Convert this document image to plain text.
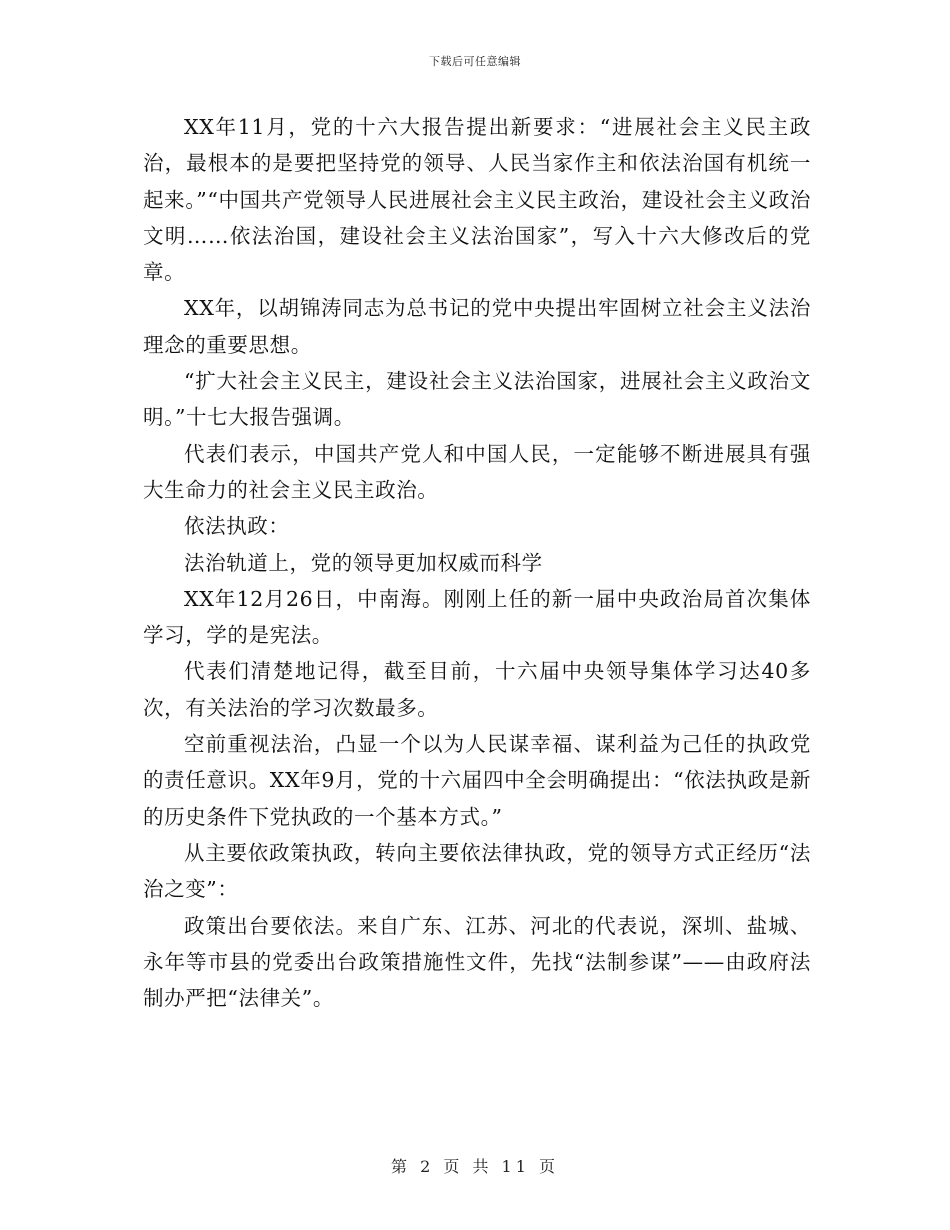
下载后可任意编辑

XX年11月，党的十六大报告提出新要求：“进展社会主义民主政治，最根本的是要把坚持党的领导、人民当家作主和依法治国有机统一起来。”“中国共产党领导人民进展社会主义民主政治，建设社会主义政治文明……依法治国，建设社会主义法治国家”，写入十六大修改后的党章。

XX年，以胡锦涛同志为总书记的党中央提出牢固树立社会主义法治理念的重要思想。

“扩大社会主义民主，建设社会主义法治国家，进展社会主义政治文明。”十七大报告强调。

代表们表示，中国共产党人和中国人民，一定能够不断进展具有强大生命力的社会主义民主政治。

依法执政：

法治轨道上，党的领导更加权威而科学

XX年12月26日，中南海。刚刚上任的新一届中央政治局首次集体学习，学的是宪法。

代表们清楚地记得，截至目前，十六届中央领导集体学习达40多次，有关法治的学习次数最多。

空前重视法治，凸显一个以为人民谋幸福、谋利益为己任的执政党的责任意识。XX年9月，党的十六届四中全会明确提出：“依法执政是新的历史条件下党执政的一个基本方式。”

从主要依政策执政，转向主要依法律执政，党的领导方式正经历“法治之变”：

政策出台要依法。来自广东、江苏、河北的代表说，深圳、盐城、永年等市县的党委出台政策措施性文件，先找“法制参谋”——由政府法制办严把“法律关”。

第 2 页 共 11 页
